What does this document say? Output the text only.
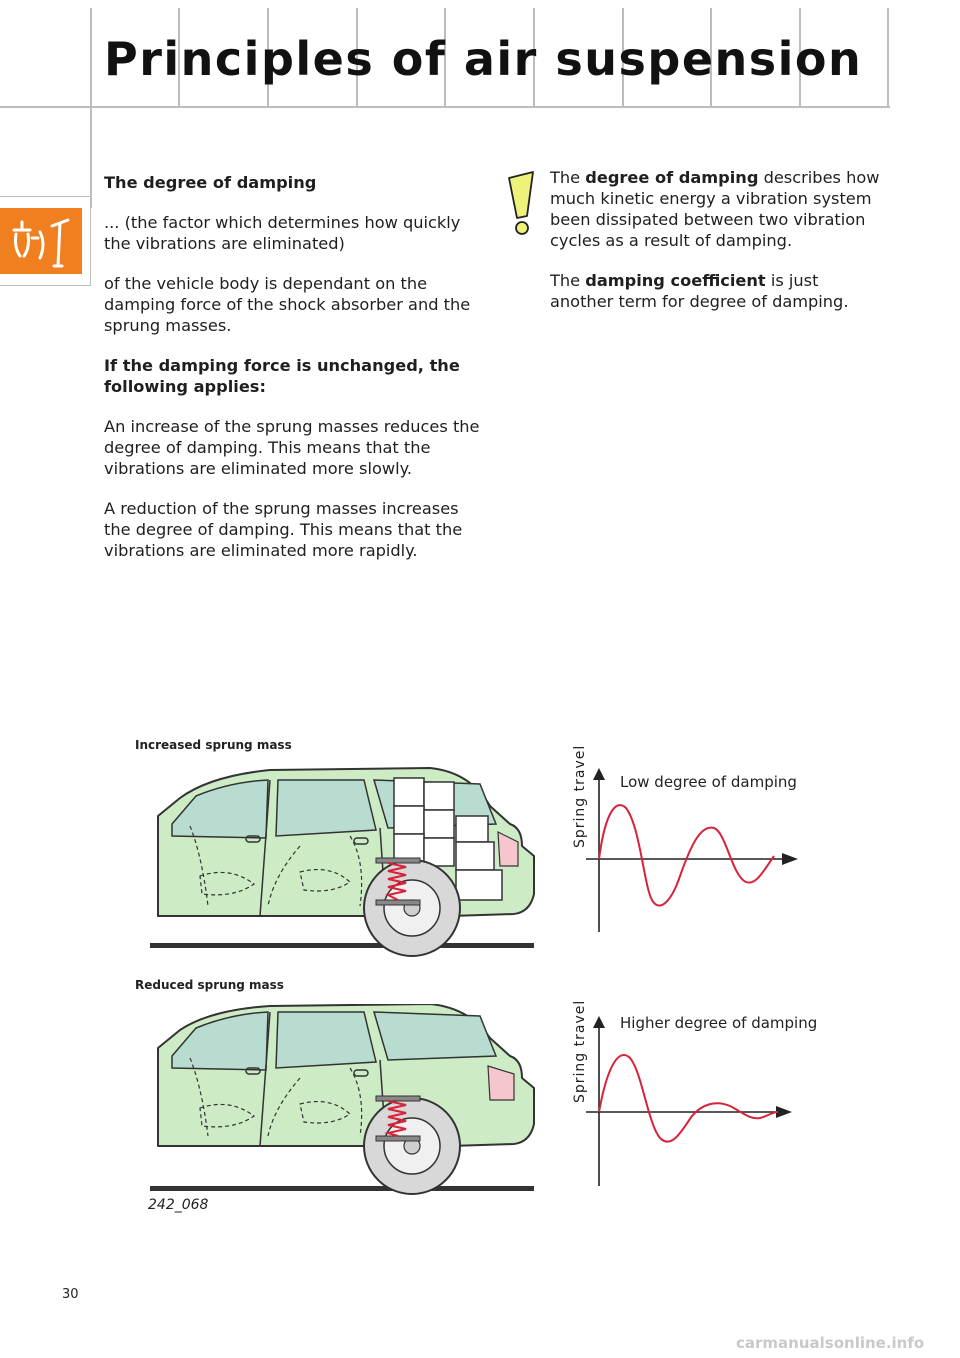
Principles of air suspension

The degree of damping

... (the factor which determines how quickly the vibrations are eliminated)

of the vehicle body is dependant on the damping force of the shock absorber and the sprung masses.

If the damping force is unchanged, the following applies:

An increase of the sprung masses reduces the degree of damping. This means that the vibrations are eliminated more slowly.

A reduction of the sprung masses increases the degree of damping. This means that the vibrations are eliminated more rapidly.

The degree of damping describes how much kinetic energy a vibration system been dissipated between two vibration cycles as a result of damping.

The damping coefficient is just another term for degree of damping.

Increased sprung mass
Reduced sprung mass
Spring travel Low degree of damping
Spring travel Higher degree of damping
242_068
30
carmanualsonline.info
